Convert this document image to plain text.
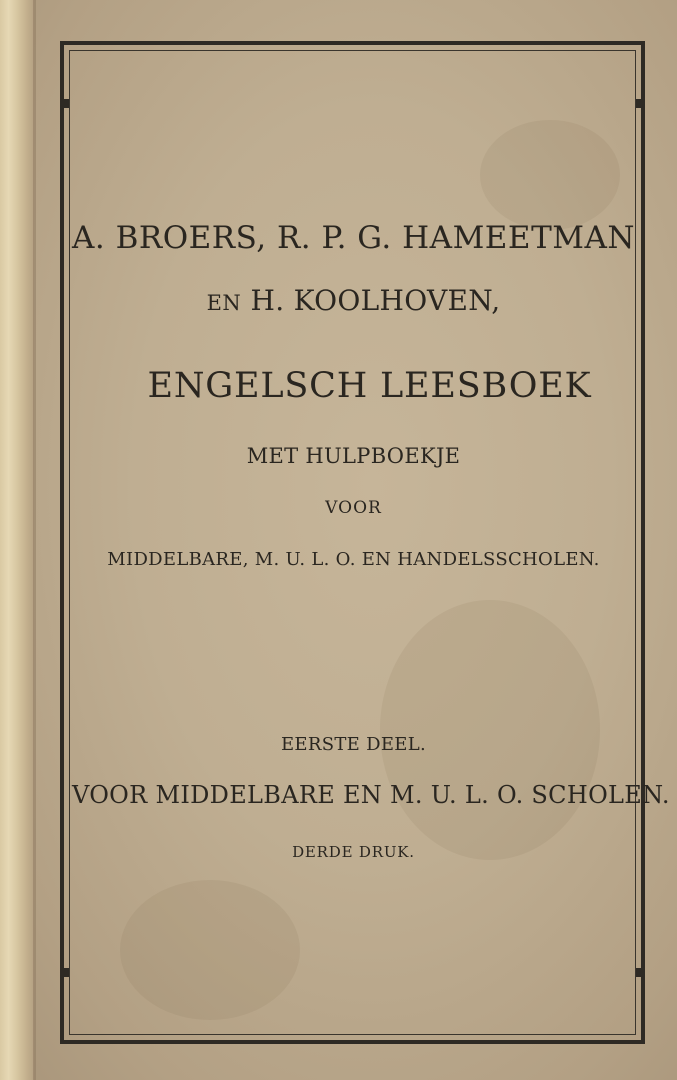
A. BROERS, R. P. G. HAMEETMAN
EN H. KOOLHOVEN,
ENGELSCH LEESBOEK
MET HULPBOEKJE
VOOR
MIDDELBARE, M. U. L. O. EN HANDELSSCHOLEN.
EERSTE DEEL.
VOOR MIDDELBARE EN M. U. L. O. SCHOLEN.
DERDE DRUK.
